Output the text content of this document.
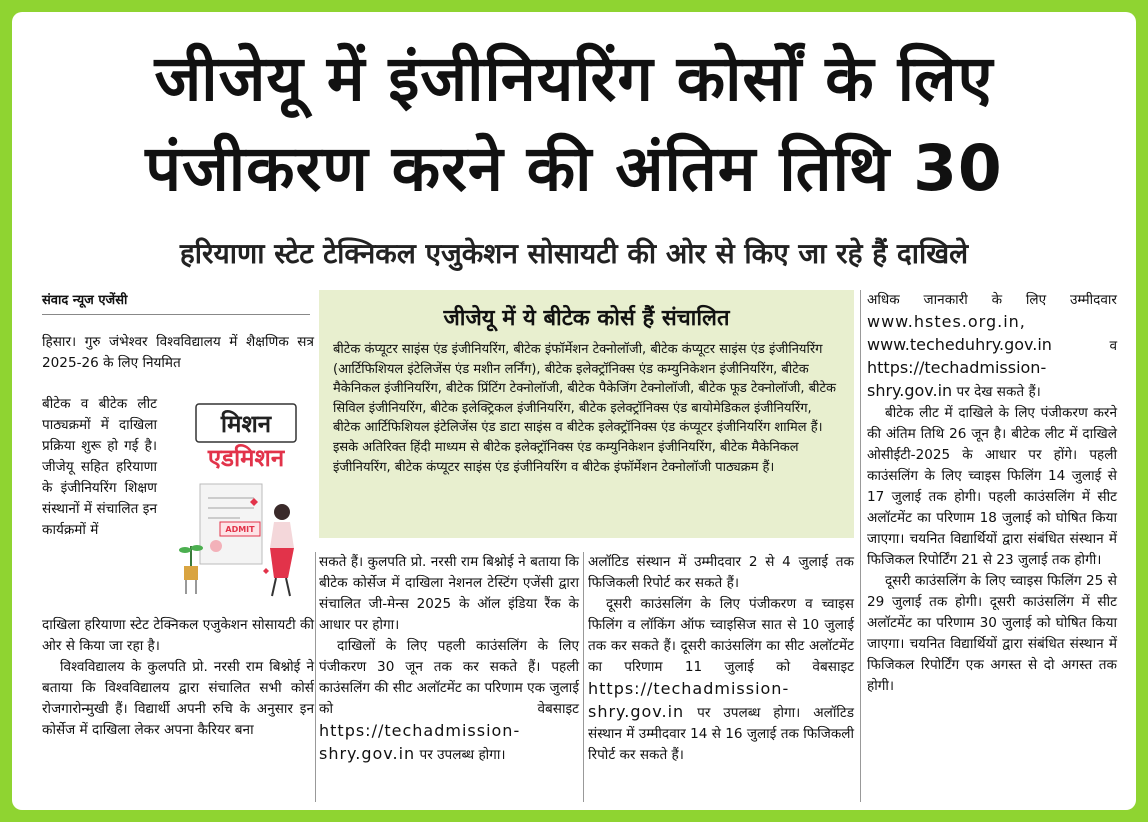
जीजेयू में इंजीनियरिंग कोर्सों के लिए
पंजीकरण करने की अंतिम तिथि 30
हरियाणा स्टेट टेक्निकल एजुकेशन सोसायटी की ओर से किए जा रहे हैं दाखिले
संवाद न्यूज एजेंसी

हिसार। गुरु जंभेश्वर विश्वविद्यालय में शैक्षणिक सत्र 2025-26 के लिए नियमित

बीटेक व बीटेक लीट पाठ्यक्रमों में दाखिला प्रक्रिया शुरू हो गई है। जीजेयू सहित हरियाणा के इंजीनियरिंग शिक्षण संस्थानों में संचालित इन कार्यक्रमों में

मिशन
एडमिशन
ADMIT

दाखिला हरियाणा स्टेट टेक्निकल एजुकेशन सोसायटी की ओर से किया जा रहा है।

विश्वविद्यालय के कुलपति प्रो. नरसी राम बिश्नोई ने बताया कि विश्वविद्यालय द्वारा संचालित सभी कोर्स रोजगारोन्मुखी हैं। विद्यार्थी अपनी रुचि के अनुसार इन कोर्सेज में दाखिला लेकर अपना कैरियर बना

जीजेयू में ये बीटेक कोर्स हैं संचालित
बीटेक कंप्यूटर साइंस एंड इंजीनियरिंग, बीटेक इंफॉर्मेशन टेक्नोलॉजी, बीटेक कंप्यूटर साइंस एंड इंजीनियरिंग (आर्टिफिशियल इंटेलिजेंस एंड मशीन लर्निंग), बीटेक इलेक्ट्रॉनिक्स एंड कम्युनिकेशन इंजीनियरिंग, बीटेक मैकेनिकल इंजीनियरिंग, बीटेक प्रिंटिंग टेक्नोलॉजी, बीटेक पैकेजिंग टेक्नोलॉजी, बीटेक फूड टेक्नोलॉजी, बीटेक सिविल इंजीनियरिंग, बीटेक इलेक्ट्रिकल इंजीनियरिंग, बीटेक इलेक्ट्रॉनिक्स एंड बायोमेडिकल इंजीनियरिंग, बीटेक आर्टिफिशियल इंटेलिजेंस एंड डाटा साइंस व बीटेक इलेक्ट्रॉनिक्स एंड कंप्यूटर इंजीनियरिंग शामिल हैं। इसके अतिरिक्त हिंदी माध्यम से बीटेक इलेक्ट्रॉनिक्स एंड कम्युनिकेशन इंजीनियरिंग, बीटेक मैकेनिकल इंजीनियरिंग, बीटेक कंप्यूटर साइंस एंड इंजीनियरिंग व बीटेक इंफॉर्मेशन टेक्नोलॉजी पाठ्यक्रम हैं।

सकते हैं। कुलपति प्रो. नरसी राम बिश्नोई ने बताया कि बीटेक कोर्सेज में दाखिला नेशनल टेस्टिंग एजेंसी द्वारा संचालित जी-मेन्स 2025 के ऑल इंडिया रैंक के आधार पर होगा।

दाखिलों के लिए पहली काउंसलिंग के लिए पंजीकरण 30 जून तक कर सकते हैं। पहली काउंसलिंग की सीट अलॉटमेंट का परिणाम एक जुलाई को वेबसाइट https://techadmission-shry.gov.in पर उपलब्ध होगा।

अलॉटिड संस्थान में उम्मीदवार 2 से 4 जुलाई तक फिजिकली रिपोर्ट कर सकते हैं।

दूसरी काउंसलिंग के लिए पंजीकरण व च्वाइस फिलिंग व लॉकिंग ऑफ च्वाइसिज सात से 10 जुलाई तक कर सकते हैं। दूसरी काउंसलिंग का सीट अलॉटमेंट का परिणाम 11 जुलाई को वेबसाइट https://techadmission-shry.gov.in पर उपलब्ध होगा। अलॉटिड संस्थान में उम्मीदवार 14 से 16 जुलाई तक फिजिकली रिपोर्ट कर सकते हैं।

अधिक जानकारी के लिए उम्मीदवार www.hstes.org.in, www.techeduhry.gov.in	व https://techadmission-shry.gov.in पर देख सकते हैं।

बीटेक लीट में दाखिले के लिए पंजीकरण करने की अंतिम तिथि 26 जून है। बीटेक लीट में दाखिले ओसीईटी-2025 के आधार पर होंगे। पहली काउंसलिंग के लिए च्वाइस फिलिंग 14 जुलाई से 17 जुलाई तक होगी। पहली काउंसलिंग में सीट अलॉटमेंट का परिणाम 18 जुलाई को घोषित किया जाएगा। चयनित विद्यार्थियों द्वारा संबंधित संस्थान में फिजिकल रिपोर्टिंग 21 से 23 जुलाई तक होगी।

दूसरी काउंसलिंग के लिए च्वाइस फिलिंग 25 से 29 जुलाई तक होगी। दूसरी काउंसलिंग में सीट अलॉटमेंट का परिणाम 30 जुलाई को घोषित किया जाएगा। चयनित विद्यार्थियों द्वारा संबंधित संस्थान में फिजिकल रिपोर्टिंग एक अगस्त से दो अगस्त तक होगी।
